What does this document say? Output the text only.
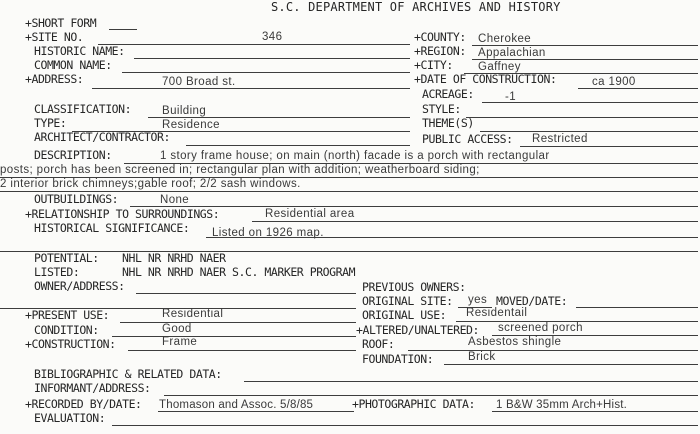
S.C. DEPARTMENT OF ARCHIVES AND HISTORY
+SHORT FORM
+SITE NO.	346	+COUNTY: Cherokee
HISTORIC NAME:	+REGION: Appalachian
COMMON NAME:	+CITY: Gaffney
+ADDRESS:	700 Broad st.	+DATE OF CONSTRUCTION:	ca 1900
ACREAGE:	-1
CLASSIFICATION:	Building	STYLE:
TYPE:	Residence	THEME(S)
ARCHITECT/CONTRACTOR:	PUBLIC ACCESS: Restricted
DESCRIPTION:	1 story frame house; on main (north) facade is a porch with rectangular
posts; porch has been screened in; rectangular plan with addition; weatherboard siding;
2 interior brick chimneys;gable roof; 2/2 sash windows.
OUTBUILDINGS:	None
+RELATIONSHIP TO SURROUNDINGS:	Residential area
HISTORICAL SIGNIFICANCE: Listed on 1926 map.
POTENTIAL: NHL NR NRHD NAER
LISTED:	NHL NR NRHD NAER S.C. MARKER PROGRAM
OWNER/ADDRESS:	PREVIOUS OWNERS:
ORIGINAL SITE: yes MOVED/DATE:
+PRESENT USE:	Residential	ORIGINAL USE: Residentail
CONDITION:	Good	+ALTERED/UNALTERED: screened porch
+CONSTRUCTION:	Frame	ROOF:	Asbestos shingle
FOUNDATION:	Brick
BIBLIOGRAPHIC & RELATED DATA:
INFORMANT/ADDRESS:
+RECORDED BY/DATE: Thomason and Assoc. 5/8/85	+PHOTOGRAPHIC DATA: 1 B&W 35mm Arch+Hist.
EVALUATION:
